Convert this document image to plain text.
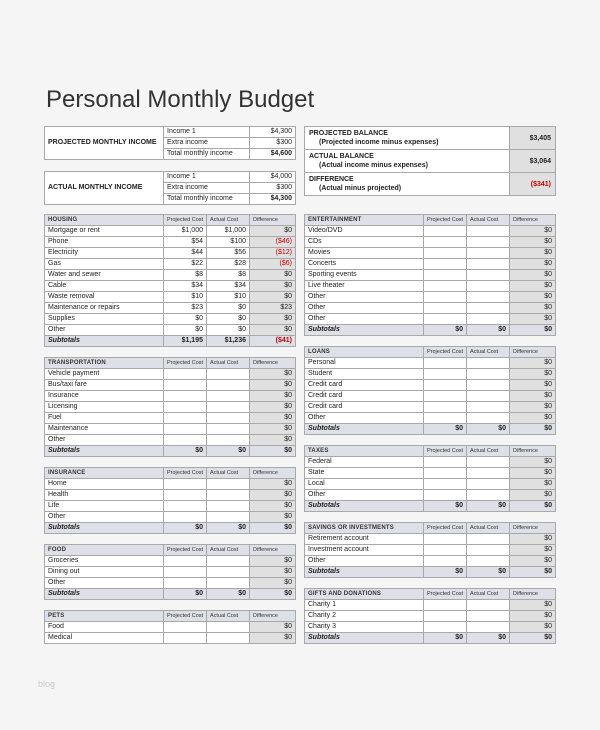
Personal Monthly Budget
PROJECTED MONTHLY INCOME	Income 1	$4,300
	Extra income	$300
	Total monthly income	$4,600
ACTUAL MONTHLY INCOME	Income 1	$4,000
	Extra income	$300
	Total monthly income	$4,300
PROJECTED BALANCE
(Projected income minus expenses)	$3,405
ACTUAL BALANCE
(Actual income minus expenses)	$3,064
DIFFERENCE
(Actual minus projected)	($341)
HOUSING	Projected Cost	Actual Cost	Difference
Mortgage or rent	$1,000	$1,000	$0
Phone	$54	$100	($46)
Electricity	$44	$56	($12)
Gas	$22	$28	($6)
Water and sewer	$8	$8	$0
Cable	$34	$34	$0
Waste removal	$10	$10	$0
Maintenance or repairs	$23	$0	$23
Supplies	$0	$0	$0
Other	$0	$0	$0
Subtotals	$1,195	$1,236	($41)
TRANSPORTATION	Projected Cost	Actual Cost	Difference
Vehicle payment			$0
Bus/taxi fare			$0
Insurance			$0
Licensing			$0
Fuel			$0
Maintenance			$0
Other			$0
Subtotals	$0	$0	$0
INSURANCE	Projected Cost	Actual Cost	Difference
Home			$0
Health			$0
Life			$0
Other			$0
Subtotals	$0	$0	$0
FOOD	Projected Cost	Actual Cost	Difference
Groceries			$0
Dining out			$0
Other			$0
Subtotals	$0	$0	$0
PETS	Projected Cost	Actual Cost	Difference
Food			$0
Medical			$0
ENTERTAINMENT	Projected Cost	Actual Cost	Difference
Video/DVD			$0
CDs			$0
Movies			$0
Concerts			$0
Sporting events			$0
Live theater			$0
Other			$0
Other			$0
Other			$0
Subtotals	$0	$0	$0
LOANS	Projected Cost	Actual Cost	Difference
Personal			$0
Student			$0
Credit card			$0
Credit card			$0
Credit card			$0
Other			$0
Subtotals	$0	$0	$0
TAXES	Projected Cost	Actual Cost	Difference
Federal			$0
State			$0
Local			$0
Other			$0
Subtotals	$0	$0	$0
SAVINGS OR INVESTMENTS	Projected Cost	Actual Cost	Difference
Retirement account			$0
Investment account			$0
Other			$0
Subtotals	$0	$0	$0
GIFTS AND DONATIONS	Projected Cost	Actual Cost	Difference
Charity 1			$0
Charity 2			$0
Charity 3			$0
Subtotals	$0	$0	$0
blog
